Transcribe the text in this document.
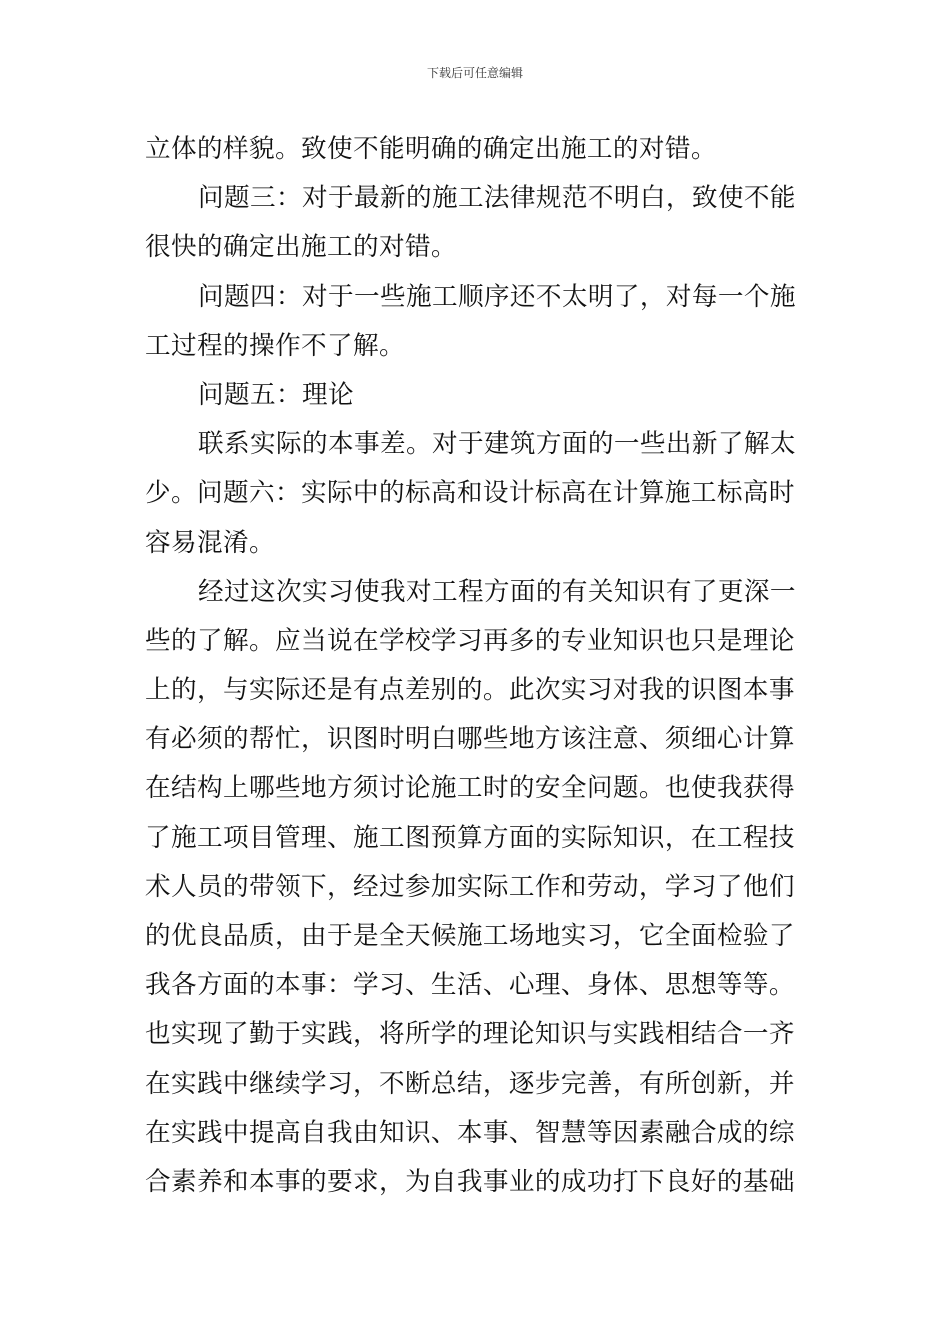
下载后可任意编辑
立体的样貌。致使不能明确的确定出施工的对错。
问题三：对于最新的施工法律规范不明白，致使不能
很快的确定出施工的对错。
问题四：对于一些施工顺序还不太明了，对每一个施
工过程的操作不了解。
问题五：理论
联系实际的本事差。对于建筑方面的一些出新了解太
少。问题六：实际中的标高和设计标高在计算施工标高时
容易混淆。
经过这次实习使我对工程方面的有关知识有了更深一
些的了解。应当说在学校学习再多的专业知识也只是理论
上的，与实际还是有点差别的。此次实习对我的识图本事
有必须的帮忙，识图时明白哪些地方该注意、须细心计算
在结构上哪些地方须讨论施工时的安全问题。也使我获得
了施工项目管理、施工图预算方面的实际知识，在工程技
术人员的带领下，经过参加实际工作和劳动，学习了他们
的优良品质，由于是全天候施工场地实习，它全面检验了
我各方面的本事：学习、生活、心理、身体、思想等等。
也实现了勤于实践，将所学的理论知识与实践相结合一齐
在实践中继续学习，不断总结，逐步完善，有所创新，并
在实践中提高自我由知识、本事、智慧等因素融合成的综
合素养和本事的要求，为自我事业的成功打下良好的基础
